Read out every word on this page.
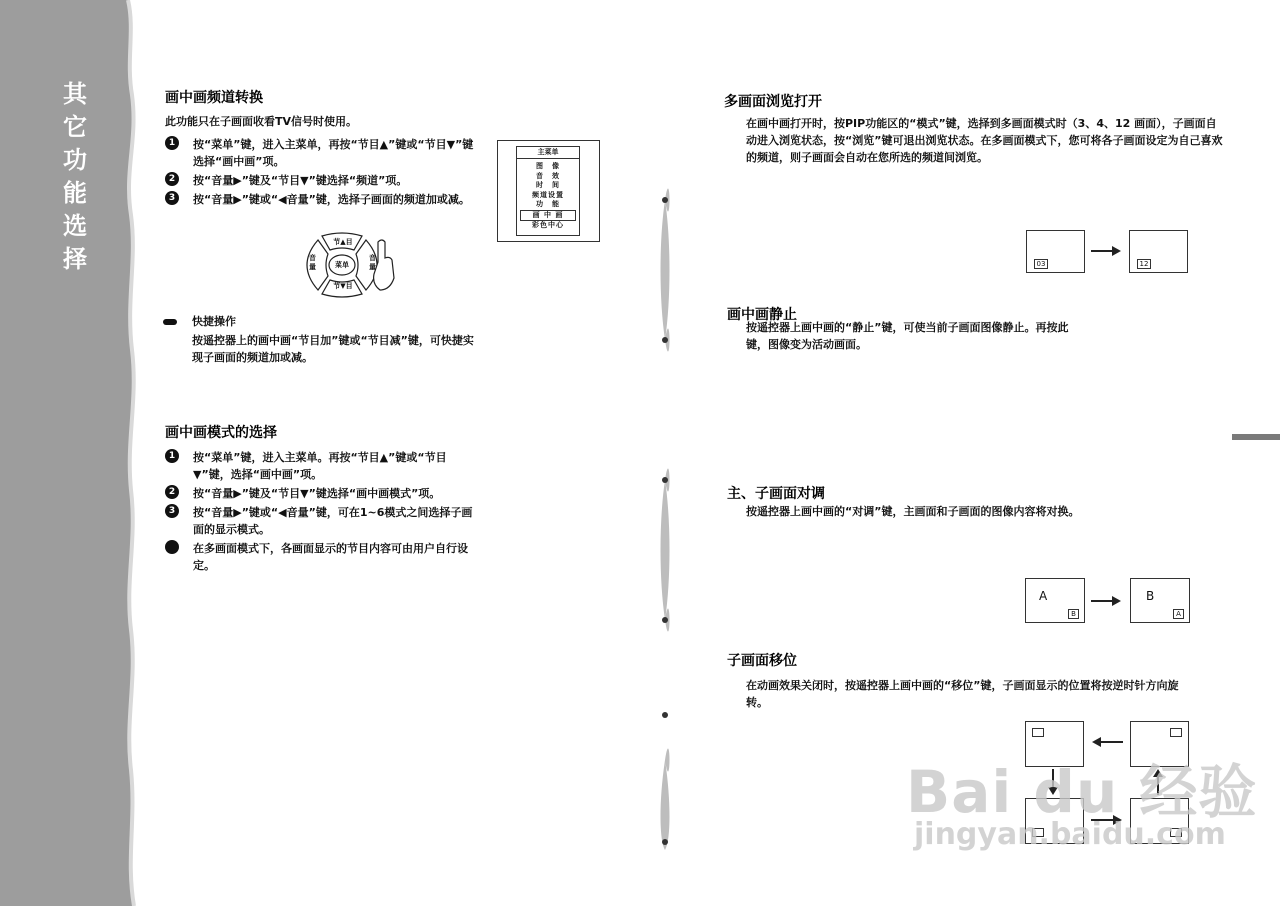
其
它
功
能
选
择
画中画频道转换
此功能只在子画面收看TV信号时使用。
1	按“菜单”键，进入主菜单，再按“节目▲”键或“节目▼”键选择“画中画”项。
2	按“音量▶”键及“节目▼”键选择“频道”项。
3	按“音量▶”键或“◀音量”键，选择子画面的频道加或减。
主菜单
图　像
音　效
时　间
频道设置
功　能
画 中 画
彩色中心
节▲目
节▼目
音量
音量
菜单
快捷操作
按遥控器上的画中画“节目加”键或“节目减”键，可快捷实现子画面的频道加或减。
画中画模式的选择
1	按“菜单”键，进入主菜单。再按“节目▲”键或“节目▼”键，选择“画中画”项。
2	按“音量▶”键及“节目▼”键选择“画中画模式”项。
3	按“音量▶”键或“◀音量”键，可在1~6模式之间选择子画面的显示模式。
在多画面模式下，各画面显示的节目内容可由用户自行设定。
多画面浏览打开
在画中画打开时，按PIP功能区的“模式”键，选择到多画面模式时（3、4、12 画面），子画面自动进入浏览状态，按“浏览”键可退出浏览状态。在多画面模式下，您可将各子画面设定为自己喜欢的频道，则子画面会自动在您所选的频道间浏览。
03	12
画中画静止
按遥控器上画中画的“静止”键，可使当前子画面图像静止。再按此键，图像变为活动画面。
主、子画面对调
按遥控器上画中画的“对调”键，主画面和子画面的图像内容将对换。
A
B
B
A
子画面移位
在动画效果关闭时，按遥控器上画中画的“移位”键，子画面显示的位置将按逆时针方向旋转。
Bai du 经验
jingyan.baidu.com
